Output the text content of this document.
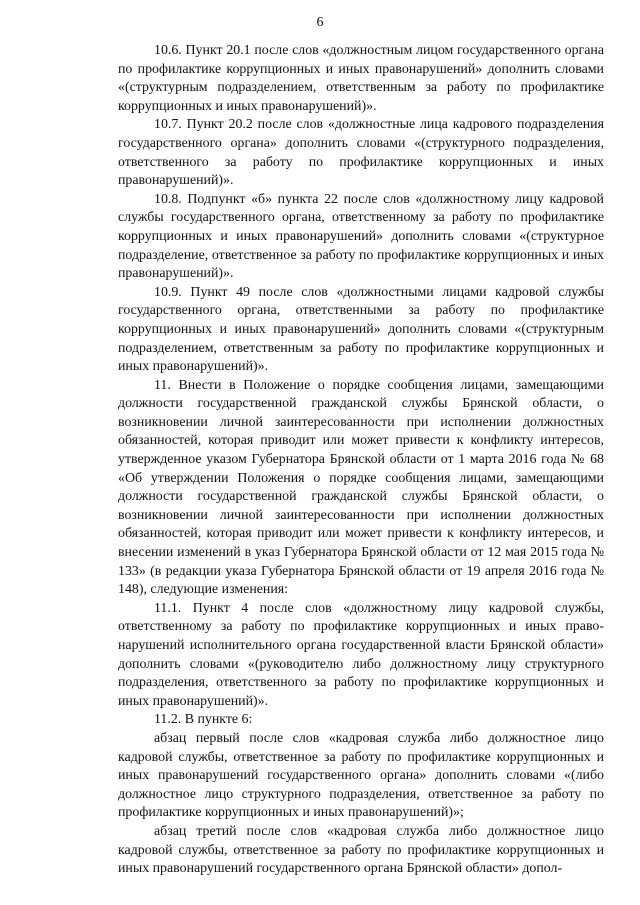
6

10.6. Пункт 20.1 после слов «должностным лицом государственного органа по профилактике коррупционных и иных правонарушений» дополнить словами «(структурным подразделением, ответственным за работу по профилактике коррупционных и иных правонарушений)».

10.7. Пункт 20.2 после слов «должностные лица кадрового подразделения государственного органа» дополнить словами «(структурного подразделения, ответственного за работу по профилактике коррупционных и иных правонарушений)».

10.8. Подпункт «б» пункта 22 после слов «должностному лицу кадровой службы государственного органа, ответственному за работу по профилактике коррупционных и иных правонарушений» дополнить словами «(структурное подразделение, ответственное за работу по профилактике коррупционных и иных правонарушений)».

10.9. Пункт 49 после слов «должностными лицами кадровой службы государственного органа, ответственными за работу по профилактике коррупционных и иных правонарушений» дополнить словами «(структурным подразделением, ответственным за работу по профилактике коррупционных и иных правонарушений)».

11. Внести в Положение о порядке сообщения лицами, замещающими должности государственной гражданской службы Брянской области, о возникновении личной заинтересованности при исполнении должностных обязанностей, которая приводит или может привести к конфликту интересов, утвержденное указом Губернатора Брянской области от 1 марта 2016 года № 68 «Об утверждении Положения о порядке сообщения лицами, замещающими должности государственной гражданской службы Брянской области, о возникновении личной заинтересованности при исполнении должностных обязанностей, которая приводит или может привести к конфликту интересов, и внесении изменений в указ Губернатора Брянской области от 12 мая 2015 года № 133» (в редакции указа Губернатора Брянской области от 19 апреля 2016 года № 148), следующие изменения:

11.1. Пункт 4 после слов «должностному лицу кадровой службы, ответственному за работу по профилактике коррупционных и иных правонарушений исполнительного органа государственной власти Брянской области» дополнить словами «(руководителю либо должностному лицу структурного подразделения, ответственного за работу по профилактике коррупционных и иных правонарушений)».

11.2. В пункте 6:

абзац первый после слов «кадровая служба либо должностное лицо кадровой службы, ответственное за работу по профилактике коррупционных и иных правонарушений государственного органа» дополнить словами «(либо должностное лицо структурного подразделения, ответственное за работу по профилактике коррупционных и иных правонарушений)»;

абзац третий после слов «кадровая служба либо должностное лицо кадровой службы, ответственное за работу по профилактике коррупционных и иных правонарушений государственного органа Брянской области» допол-
